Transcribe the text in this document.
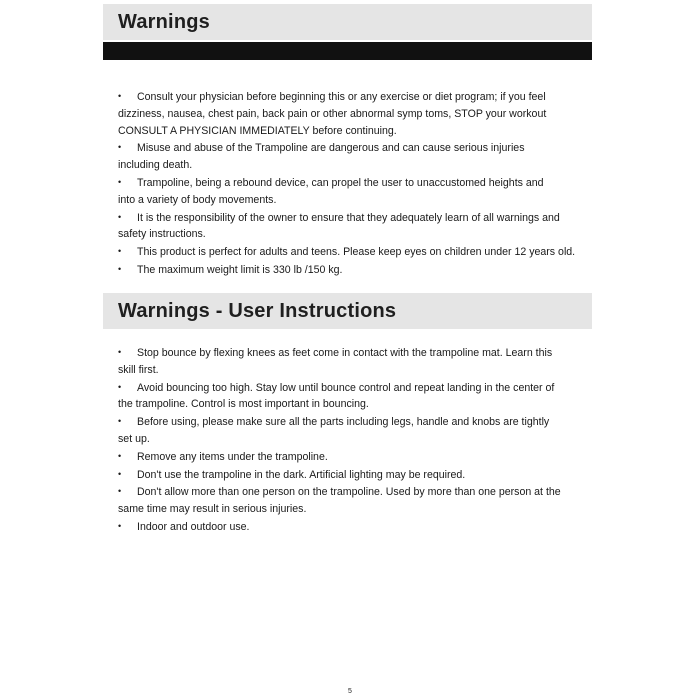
Warnings
• Consult your physician before beginning this or any exercise or diet program; if you feel
dizziness, nausea, chest pain, back pain or other abnormal symp toms, STOP your workout
CONSULT A PHYSICIAN IMMEDIATELY before continuing.
• Misuse and abuse of the Trampoline are dangerous and can cause serious injuries
including death.
• Trampoline, being a rebound device, can propel the user to unaccustomed heights and
into a variety of body movements.
• It is the responsibility of the owner to ensure that they adequately learn of all warnings and
safety instructions.
• This product is perfect for adults and teens. Please keep eyes on children under 12 years old.
• The maximum weight limit is 330 lb /150 kg.
Warnings - User Instructions
• Stop bounce by flexing knees as feet come in contact with the trampoline mat. Learn this
skill first.
• Avoid bouncing too high. Stay low until bounce control and repeat landing in the center of
the trampoline. Control is most important in bouncing.
• Before using, please make sure all the parts including legs, handle and knobs are tightly
set up.
• Remove any items under the trampoline.
• Don't use the trampoline in the dark. Artificial lighting may be required.
• Don't allow more than one person on the trampoline. Used by more than one person at the
same time may result in serious injuries.
• Indoor and outdoor use.
5
